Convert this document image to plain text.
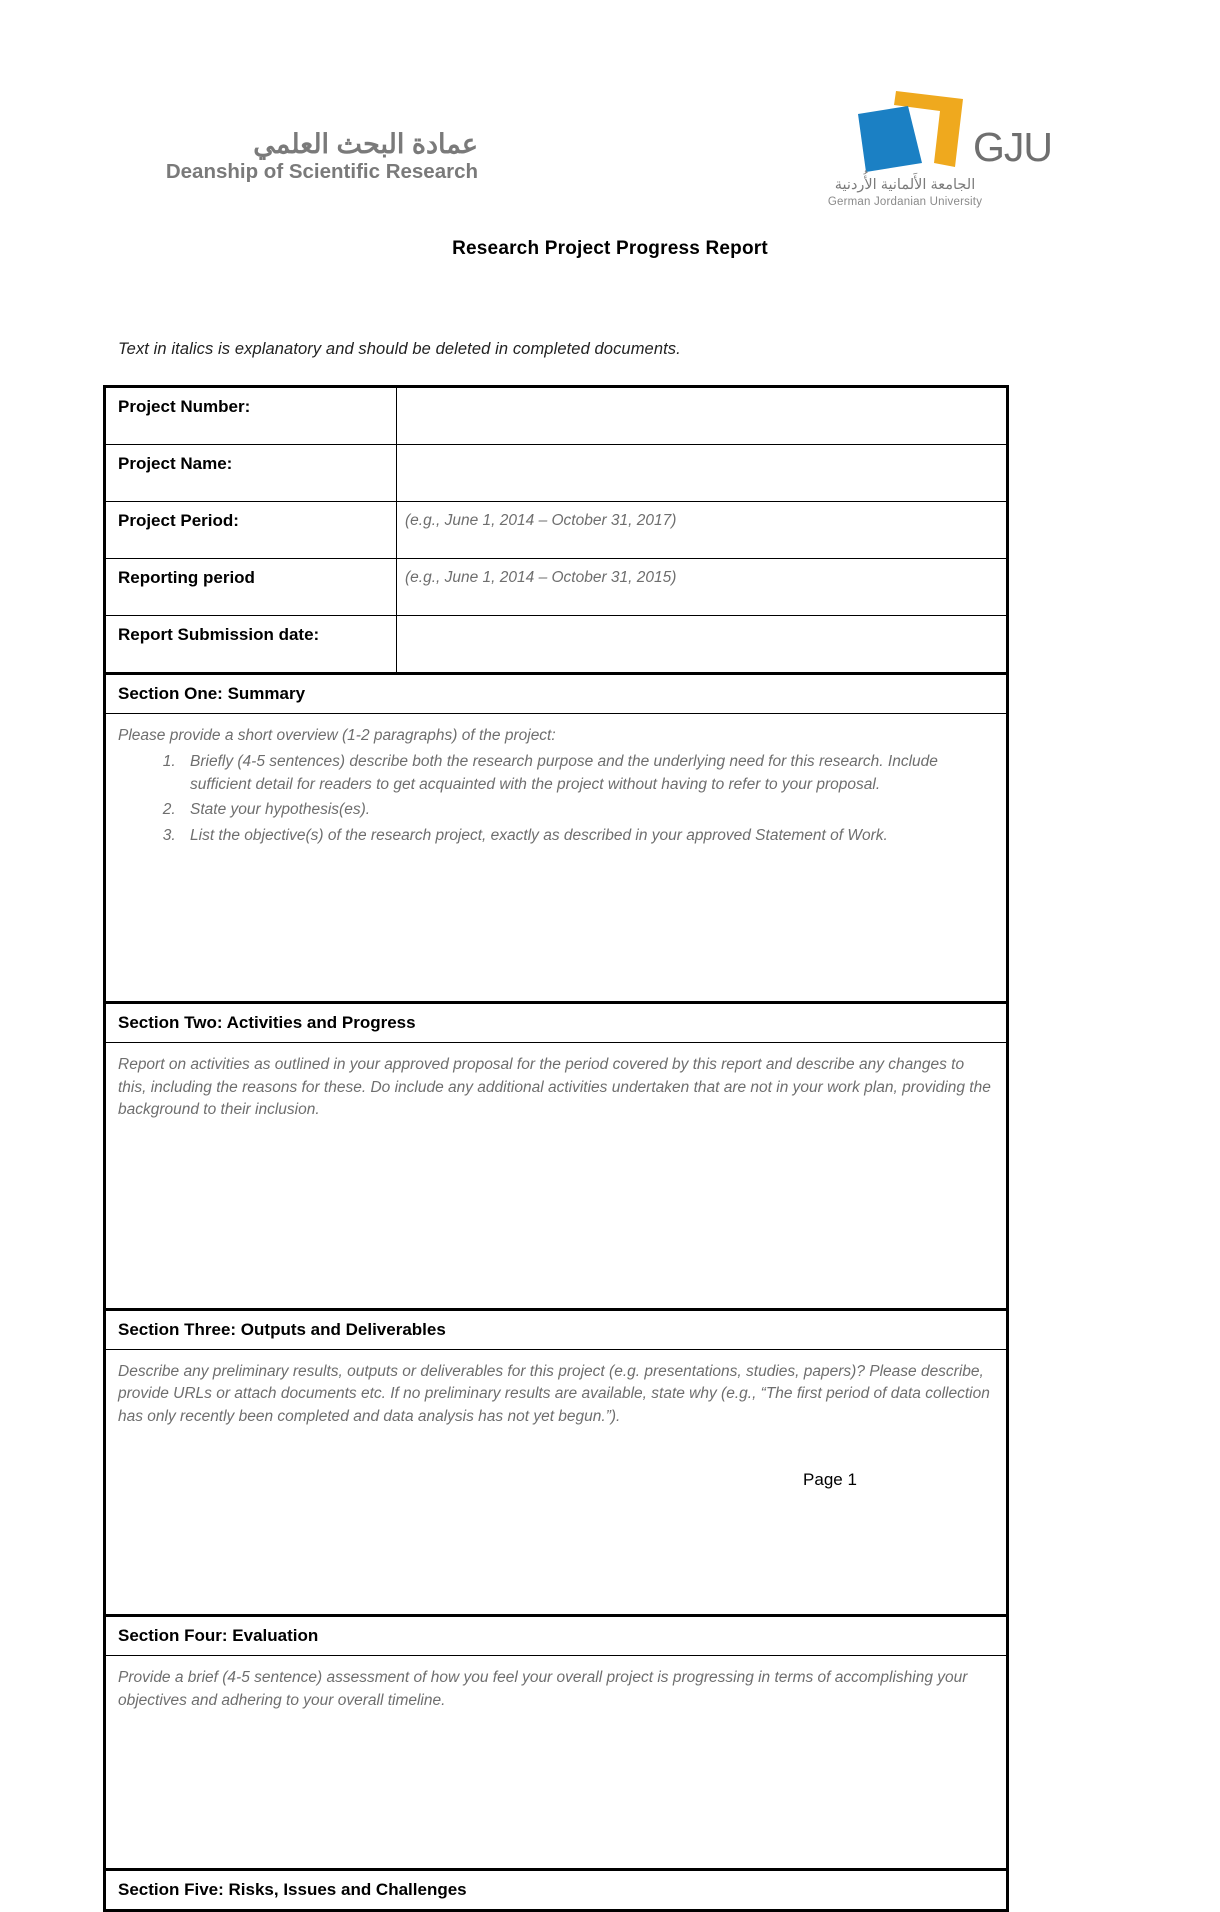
عمادة البحث العلمي
Deanship of Scientific Research
GJU
الجامعة الأَلمانية الأُردنية
German Jordanian University
Research Project Progress Report
Text in italics is explanatory and should be deleted in completed documents.
Project Number:	
Project Name:	
Project Period:	(e.g., June 1, 2014 – October 31, 2017)
Reporting period	(e.g., June 1, 2014 – October 31, 2015)
Report Submission date:	
Section One: Summary	

Please provide a short overview (1-2 paragraphs) of the project:
1. Briefly (4-5 sentences) describe both the research purpose and the underlying need for this research. Include sufficient detail for readers to get acquainted with the project without having to refer to your proposal.
2. State your hypothesis(es).
3. List the objective(s) of the research project, exactly as described in your approved Statement of Work.

Section Two: Activities and Progress	

Report on activities as outlined in your approved proposal for the period covered by this report and describe any changes to this, including the reasons for these. Do include any additional activities undertaken that are not in your work plan, providing the background to their inclusion.	

Section Three: Outputs and Deliverables	

Describe any preliminary results, outputs or deliverables for this project (e.g. presentations, studies, papers)? Please describe, provide URLs or attach documents etc. If no preliminary results are available, state why (e.g., “The first period of data collection has only recently been completed and data analysis has not yet begun.”).	

Section Four: Evaluation	

Provide a brief (4-5 sentence) assessment of how you feel your overall project is progressing in terms of accomplishing your objectives and adhering to your overall timeline.	

Section Five: Risks, Issues and Challenges	
Page 1
